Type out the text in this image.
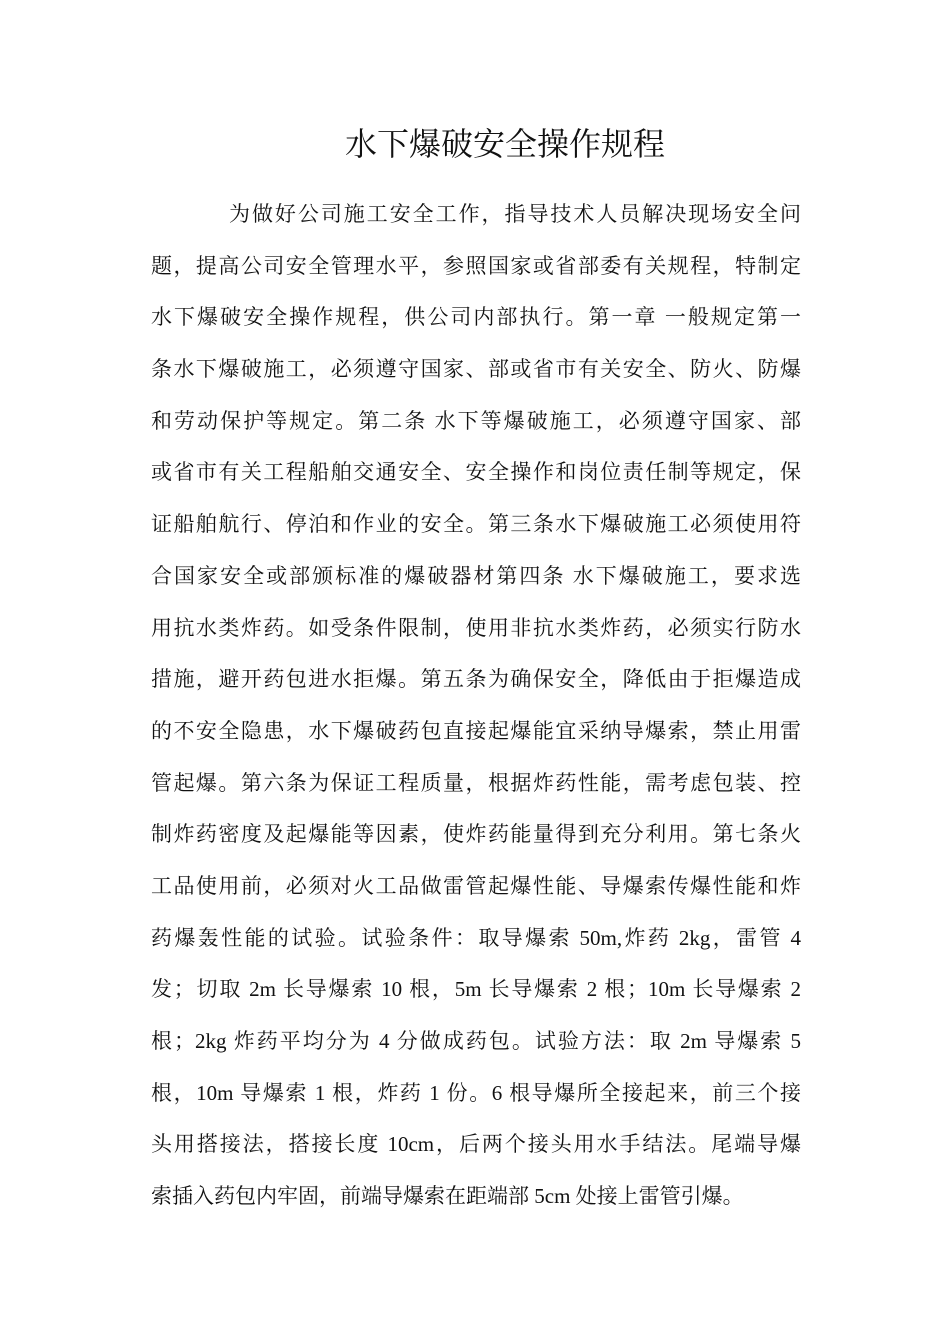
水下爆破安全操作规程
为做好公司施工安全工作，指导技术人员解决现场安全问
题，提高公司安全管理水平，参照国家或省部委有关规程，特制定
水下爆破安全操作规程，供公司内部执行。第一章 一般规定第一
条水下爆破施工，必须遵守国家、部或省市有关安全、防火、防爆
和劳动保护等规定。第二条 水下等爆破施工，必须遵守国家、部
或省市有关工程船舶交通安全、安全操作和岗位责任制等规定，保
证船舶航行、停泊和作业的安全。第三条水下爆破施工必须使用符
合国家安全或部颁标准的爆破器材第四条 水下爆破施工，要求选
用抗水类炸药。如受条件限制，使用非抗水类炸药，必须实行防水
措施，避开药包进水拒爆。第五条为确保安全，降低由于拒爆造成
的不安全隐患，水下爆破药包直接起爆能宜采纳导爆索，禁止用雷
管起爆。第六条为保证工程质量，根据炸药性能，需考虑包装、控
制炸药密度及起爆能等因素，使炸药能量得到充分利用。第七条火
工品使用前，必须对火工品做雷管起爆性能、导爆索传爆性能和炸
药爆轰性能的试验。试验条件：取导爆索 50m,炸药 2kg，雷管 4
发；切取 2m 长导爆索 10 根，5m 长导爆索 2 根；10m 长导爆索 2
根；2kg 炸药平均分为 4 分做成药包。试验方法：取 2m 导爆索 5
根，10m 导爆索 1 根，炸药 1 份。6 根导爆所全接起来，前三个接
头用搭接法，搭接长度 10cm，后两个接头用水手结法。尾端导爆
索插入药包内牢固，前端导爆索在距端部 5cm 处接上雷管引爆。
